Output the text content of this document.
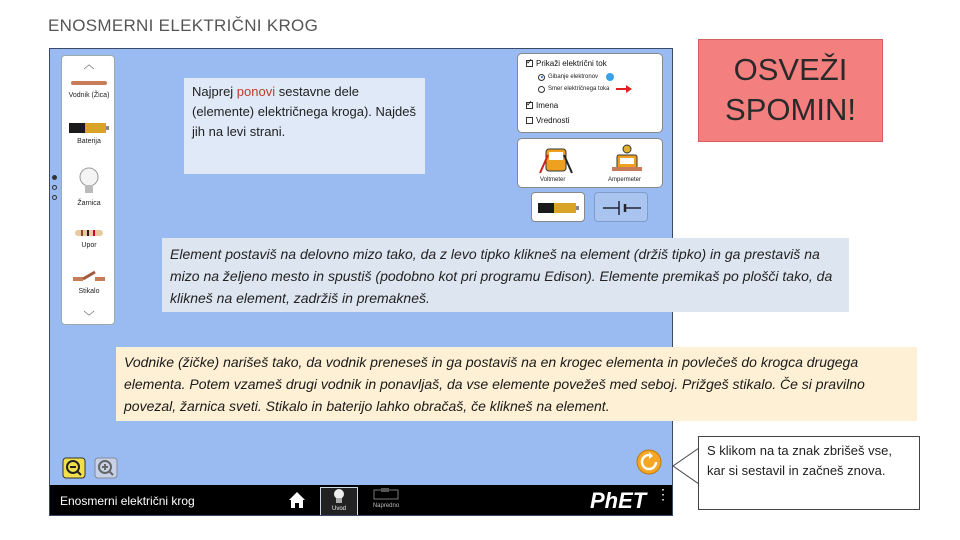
ENOSMERNI ELEKTRIČNI KROG
︿
Vodnik (Žica)
Baterija
Žarnica
Upor
Stikalo
﹀
✓
Prikaži električni tok
Gibanje elektronov
Smer električnega toka
✓
Imena
Vrednosti
Voltmeter	Ampermeter
Enosmerni električni krog
Uvod	Napredno	PhET ⋮
Najprej ponovi sestavne dele (elemente) električnega kroga). Najdeš jih na levi strani.
Element postaviš na delovno mizo tako, da z levo tipko klikneš na element (držiš tipko) in ga prestaviš na mizo na željeno mesto in spustiš (podobno kot pri programu Edison). Elemente premikaš po plošči tako, da klikneš na element, zadržiš in premakneš.
Vodnike (žičke) narišeš tako, da vodnik preneseš in ga postaviš na en krogec elementa in povlečeš do krogca drugega elementa. Potem vzameš drugi vodnik in ponavljaš, da vse elemente povežeš med seboj. Prižgeš stikalo. Če si pravilno povezal, žarnica sveti. Stikalo in baterijo lahko obračaš, če klikneš na element.
OSVEŽI SPOMIN!
S klikom na ta znak zbrišeš vse, kar si sestavil in začneš znova.
